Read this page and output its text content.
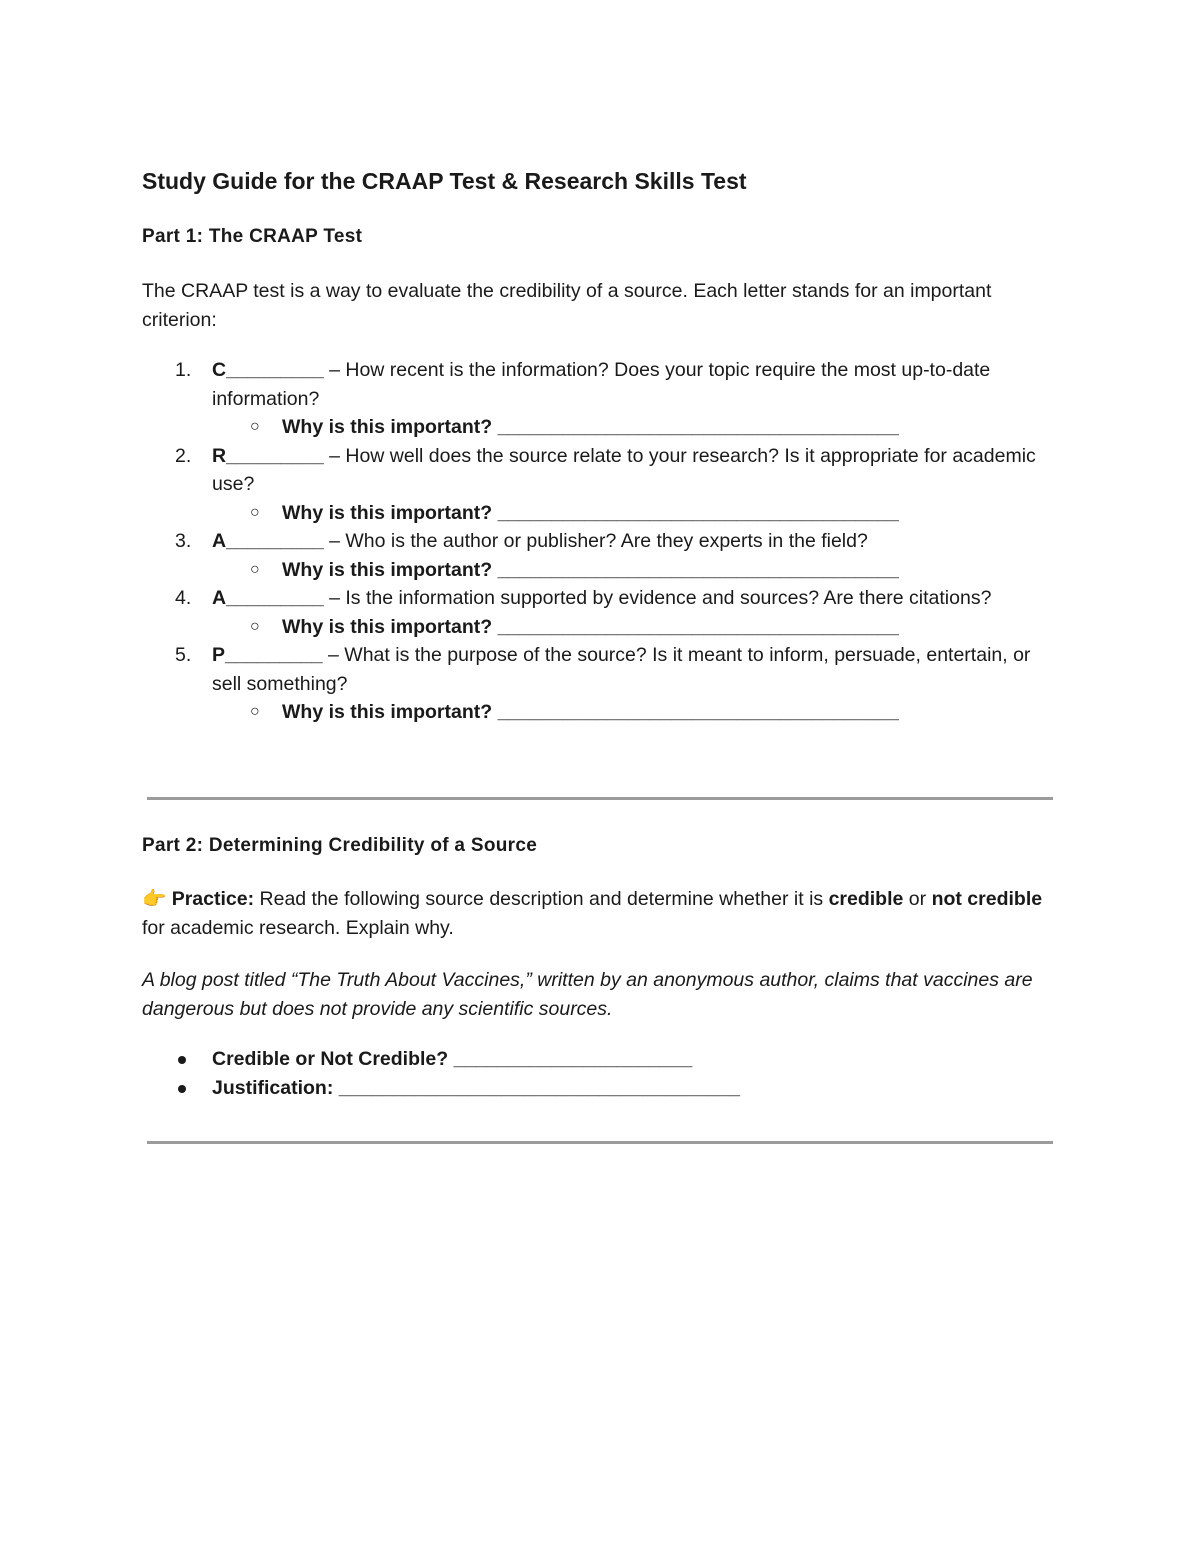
Study Guide for the CRAAP Test & Research Skills Test
Part 1: The CRAAP Test

The CRAAP test is a way to evaluate the credibility of a source. Each letter stands for an important criterion:

1. C_________ – How recent is the information? Does your topic require the most up-to-date information?
○ Why is this important? _____________________________________
2. R_________ – How well does the source relate to your research? Is it appropriate for academic use?
○ Why is this important? _____________________________________
3. A_________ – Who is the author or publisher? Are they experts in the field?
○ Why is this important? _____________________________________
4. A_________ – Is the information supported by evidence and sources? Are there citations?
○ Why is this important? _____________________________________
5. P_________ – What is the purpose of the source? Is it meant to inform, persuade, entertain, or sell something?
○ Why is this important? _____________________________________
Part 2: Determining Credibility of a Source

👉 Practice: Read the following source description and determine whether it is credible or not credible for academic research. Explain why.

A blog post titled “The Truth About Vaccines,” written by an anonymous author, claims that vaccines are dangerous but does not provide any scientific sources.

Credible or Not Credible? ______________________
Justification: _____________________________________
